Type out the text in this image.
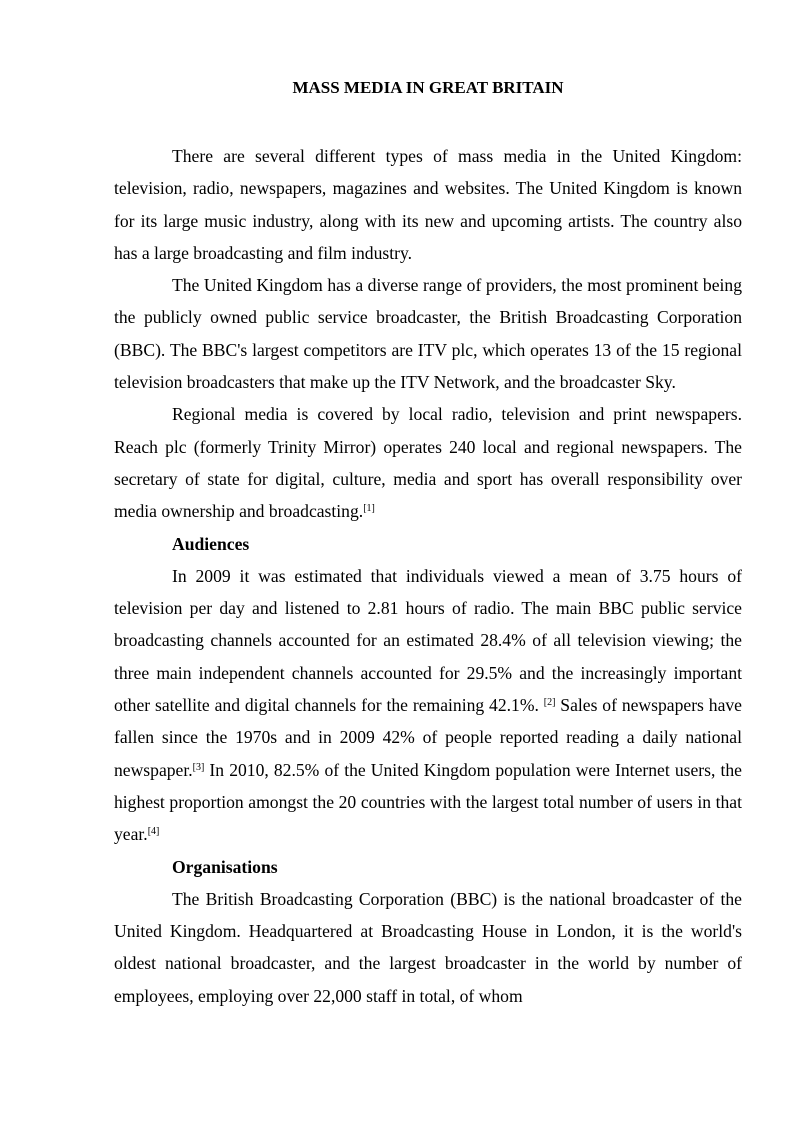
MASS MEDIA IN GREAT BRITAIN

There are several different types of mass media in the United Kingdom: television, radio, newspapers, magazines and websites. The United Kingdom is known for its large music industry, along with its new and upcoming artists. The country also has a large broadcasting and film industry.

The United Kingdom has a diverse range of providers, the most prominent being the publicly owned public service broadcaster, the British Broadcasting Corporation (BBC). The BBC's largest competitors are ITV plc, which operates 13 of the 15 regional television broadcasters that make up the ITV Network, and the broadcaster Sky.

Regional media is covered by local radio, television and print newspapers. Reach plc (formerly Trinity Mirror) operates 240 local and regional newspapers. The secretary of state for digital, culture, media and sport has overall responsibility over media ownership and broadcasting.[1]

Audiences

In 2009 it was estimated that individuals viewed a mean of 3.75 hours of television per day and listened to 2.81 hours of radio. The main BBC public service broadcasting channels accounted for an estimated 28.4% of all television viewing; the three main independent channels accounted for 29.5% and the increasingly important other satellite and digital channels for the remaining 42.1%. [2] Sales of newspapers have fallen since the 1970s and in 2009 42% of people reported reading a daily national newspaper.[3] In 2010, 82.5% of the United Kingdom population were Internet users, the highest proportion amongst the 20 countries with the largest total number of users in that year.[4]

Organisations

The British Broadcasting Corporation (BBC) is the national broadcaster of the United Kingdom. Headquartered at Broadcasting House in London, it is the world's oldest national broadcaster, and the largest broadcaster in the world by number of employees, employing over 22,000 staff in total, of whom
